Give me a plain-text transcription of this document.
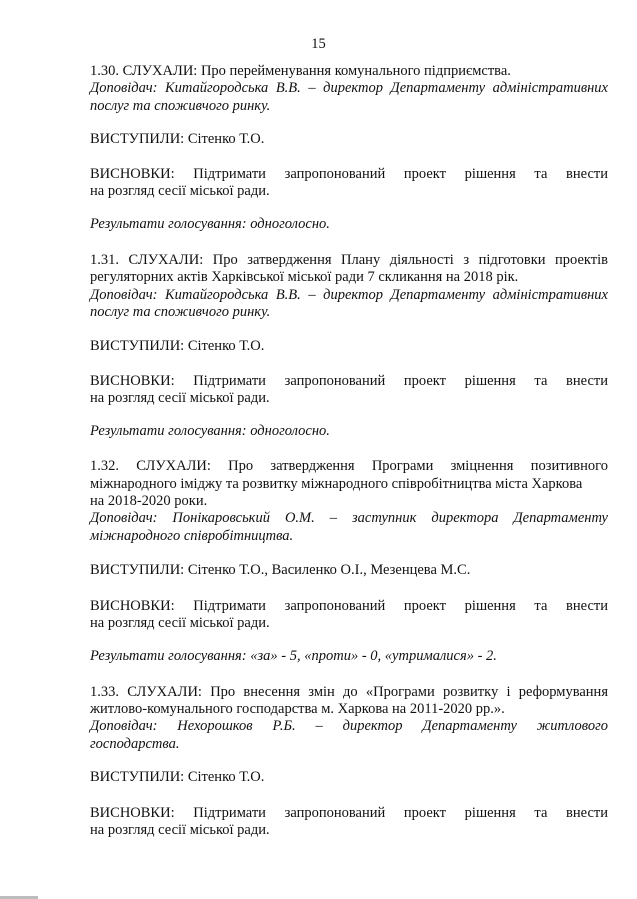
15

1.30. СЛУХАЛИ: Про перейменування комунального підприємства.

Доповідач: Китайгородська В.В. – директор Департаменту адміністративних

послуг та споживчого ринку.

ВИСТУПИЛИ: Сітенко Т.О.

ВИСНОВКИ: Підтримати запропонований проект рішення та внести

на розгляд сесії міської ради.

Результати голосування: одноголосно.

1.31. СЛУХАЛИ: Про затвердження Плану діяльності з підготовки проектів

регуляторних актів Харківської міської ради 7 скликання на 2018 рік.

Доповідач: Китайгородська В.В. – директор Департаменту адміністративних

послуг та споживчого ринку.

ВИСТУПИЛИ: Сітенко Т.О.

ВИСНОВКИ: Підтримати запропонований проект рішення та внести

на розгляд сесії міської ради.

Результати голосування: одноголосно.

1.32. СЛУХАЛИ: Про затвердження Програми зміцнення позитивного

міжнародного іміджу та розвитку міжнародного співробітництва міста Харкова

на 2018-2020 роки.

Доповідач: Понікаровський О.М. – заступник директора Департаменту

міжнародного співробітництва.

ВИСТУПИЛИ: Сітенко Т.О., Василенко О.І., Мезенцева М.С.

ВИСНОВКИ: Підтримати запропонований проект рішення та внести

на розгляд сесії міської ради.

Результати голосування: «за» - 5, «проти» - 0, «утрималися» - 2.

1.33. СЛУХАЛИ: Про внесення змін до «Програми розвитку і реформування

житлово-комунального господарства м. Харкова на 2011-2020 рр.».

Доповідач: Нехорошков Р.Б. – директор Департаменту житлового

господарства.

ВИСТУПИЛИ: Сітенко Т.О.

ВИСНОВКИ: Підтримати запропонований проект рішення та внести

на розгляд сесії міської ради.
